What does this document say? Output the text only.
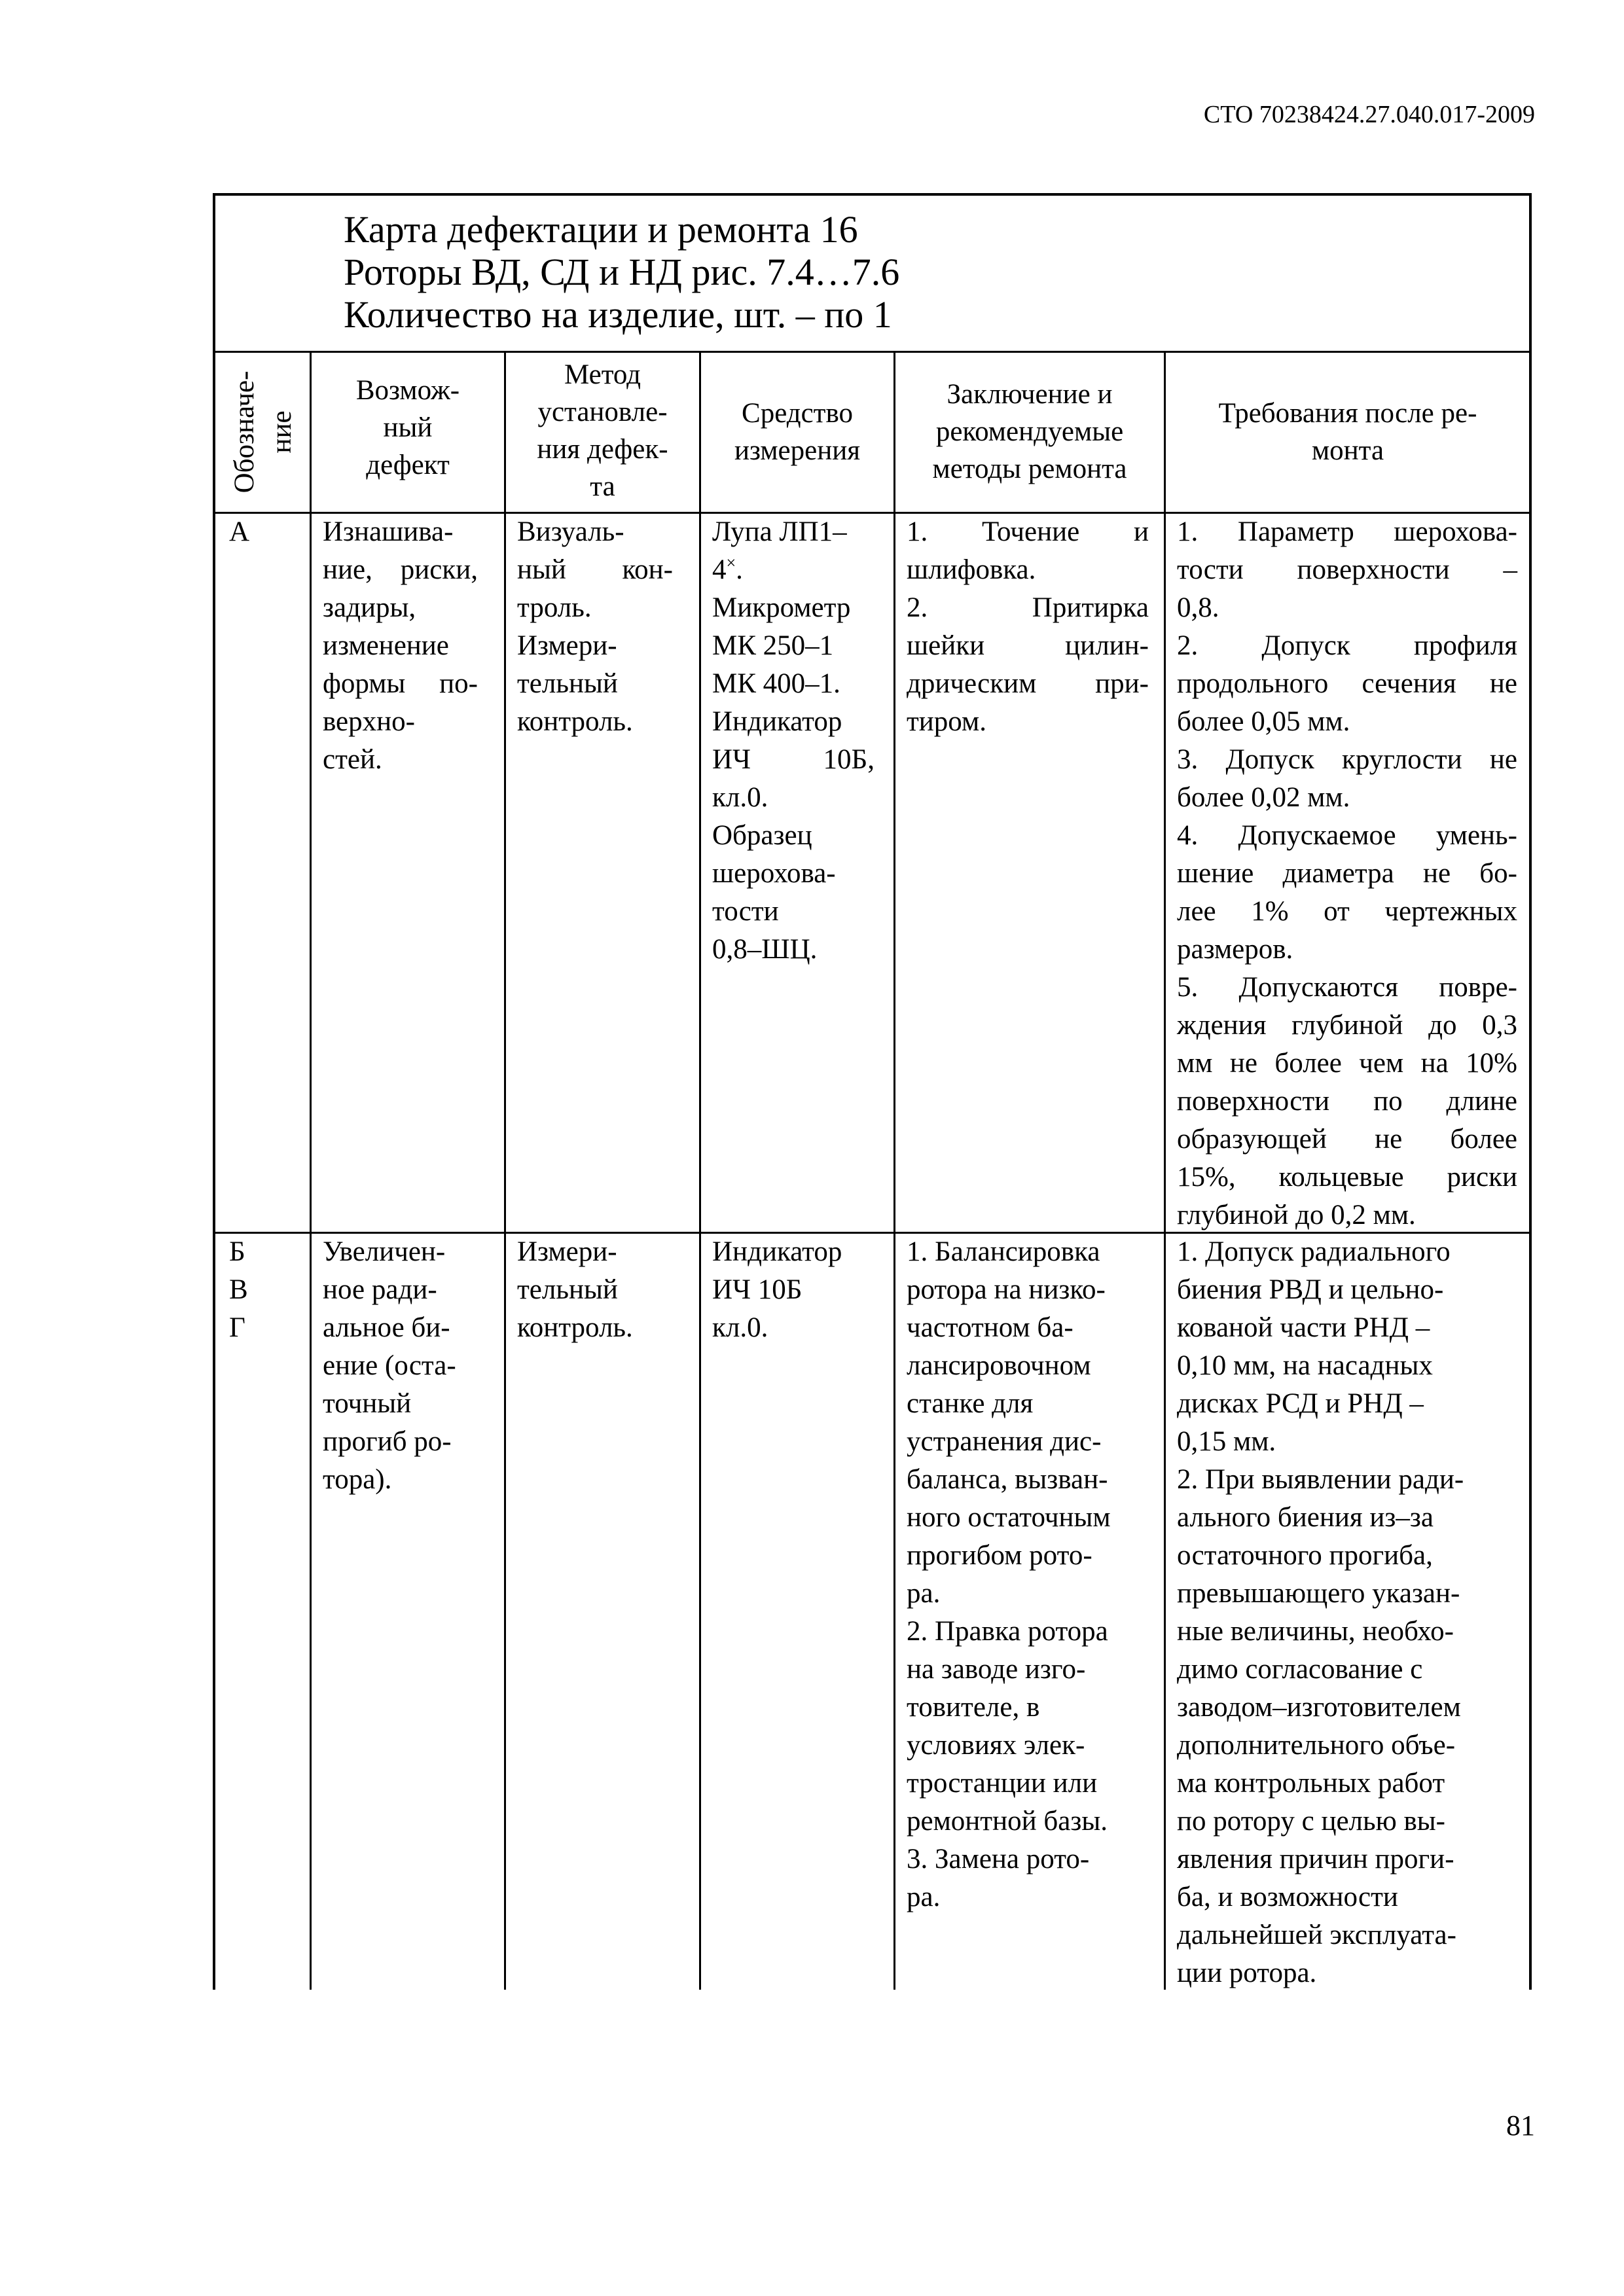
СТО 70238424.27.040.017-2009
Карта дефектации и ремонта 16
Роторы ВД, СД и НД рис. 7.4…7.6
Количество на изделие, шт. – по 1
Обозначе- ние
Возмож-
ный
дефект
Метод
установле-
ния дефек-
та
Средство
измерения
Заключение и
рекомендуемые
методы ремонта
Требования после ре-
монта
А	Изнашива-
ние, риски,
задиры,
изменение
формы по-
верхно-
стей.
Визуаль-
ный кон-
троль.
Измери-
тельный
контроль.
Лупа ЛП1–
4×.
Микрометр
МК 250–1
МК 400–1.
Индикатор
ИЧ 10Б,
кл.0.
Образец
шерохова-
тости
0,8–ШЦ.
1. Точение и
шлифовка.
2. Притирка
шейки цилин-
дрическим при-
тиром.
1. Параметр шерохова-
тости поверхности –
0,8.
2. Допуск профиля
продольного сечения не
более 0,05 мм.
3. Допуск круглости не
более 0,02 мм.
4. Допускаемое умень-
шение диаметра не бо-
лее 1% от чертежных
размеров.
5. Допускаются повре-
ждения глубиной до 0,3
мм не более чем на 10%
поверхности по длине
образующей не более
15%, кольцевые риски
глубиной до 0,2 мм.
Б
В
Г
Увеличен-
ное ради-
альное би-
ение (оста-
точный
прогиб ро-
тора).
Измери-
тельный
контроль.
Индикатор
ИЧ 10Б
кл.0.
1. Балансировка
ротора на низко-
частотном ба-
лансировочном
станке для
устранения дис-
баланса, вызван-
ного остаточным
прогибом рото-
ра.
2. Правка ротора
на заводе изго-
товителе, в
условиях элек-
тростанции или
ремонтной базы.
3. Замена рото-
ра.
1. Допуск радиального
биения РВД и цельно-
кованой части РНД –
0,10 мм, на насадных
дисках РСД и РНД –
0,15 мм.
2. При выявлении ради-
ального биения из–за
остаточного прогиба,
превышающего указан-
ные величины, необхо-
димо согласование с
заводом–изготовителем
дополнительного объе-
ма контрольных работ
по ротору с целью вы-
явления причин проги-
ба, и возможности
дальнейшей эксплуата-
ции ротора.
81
